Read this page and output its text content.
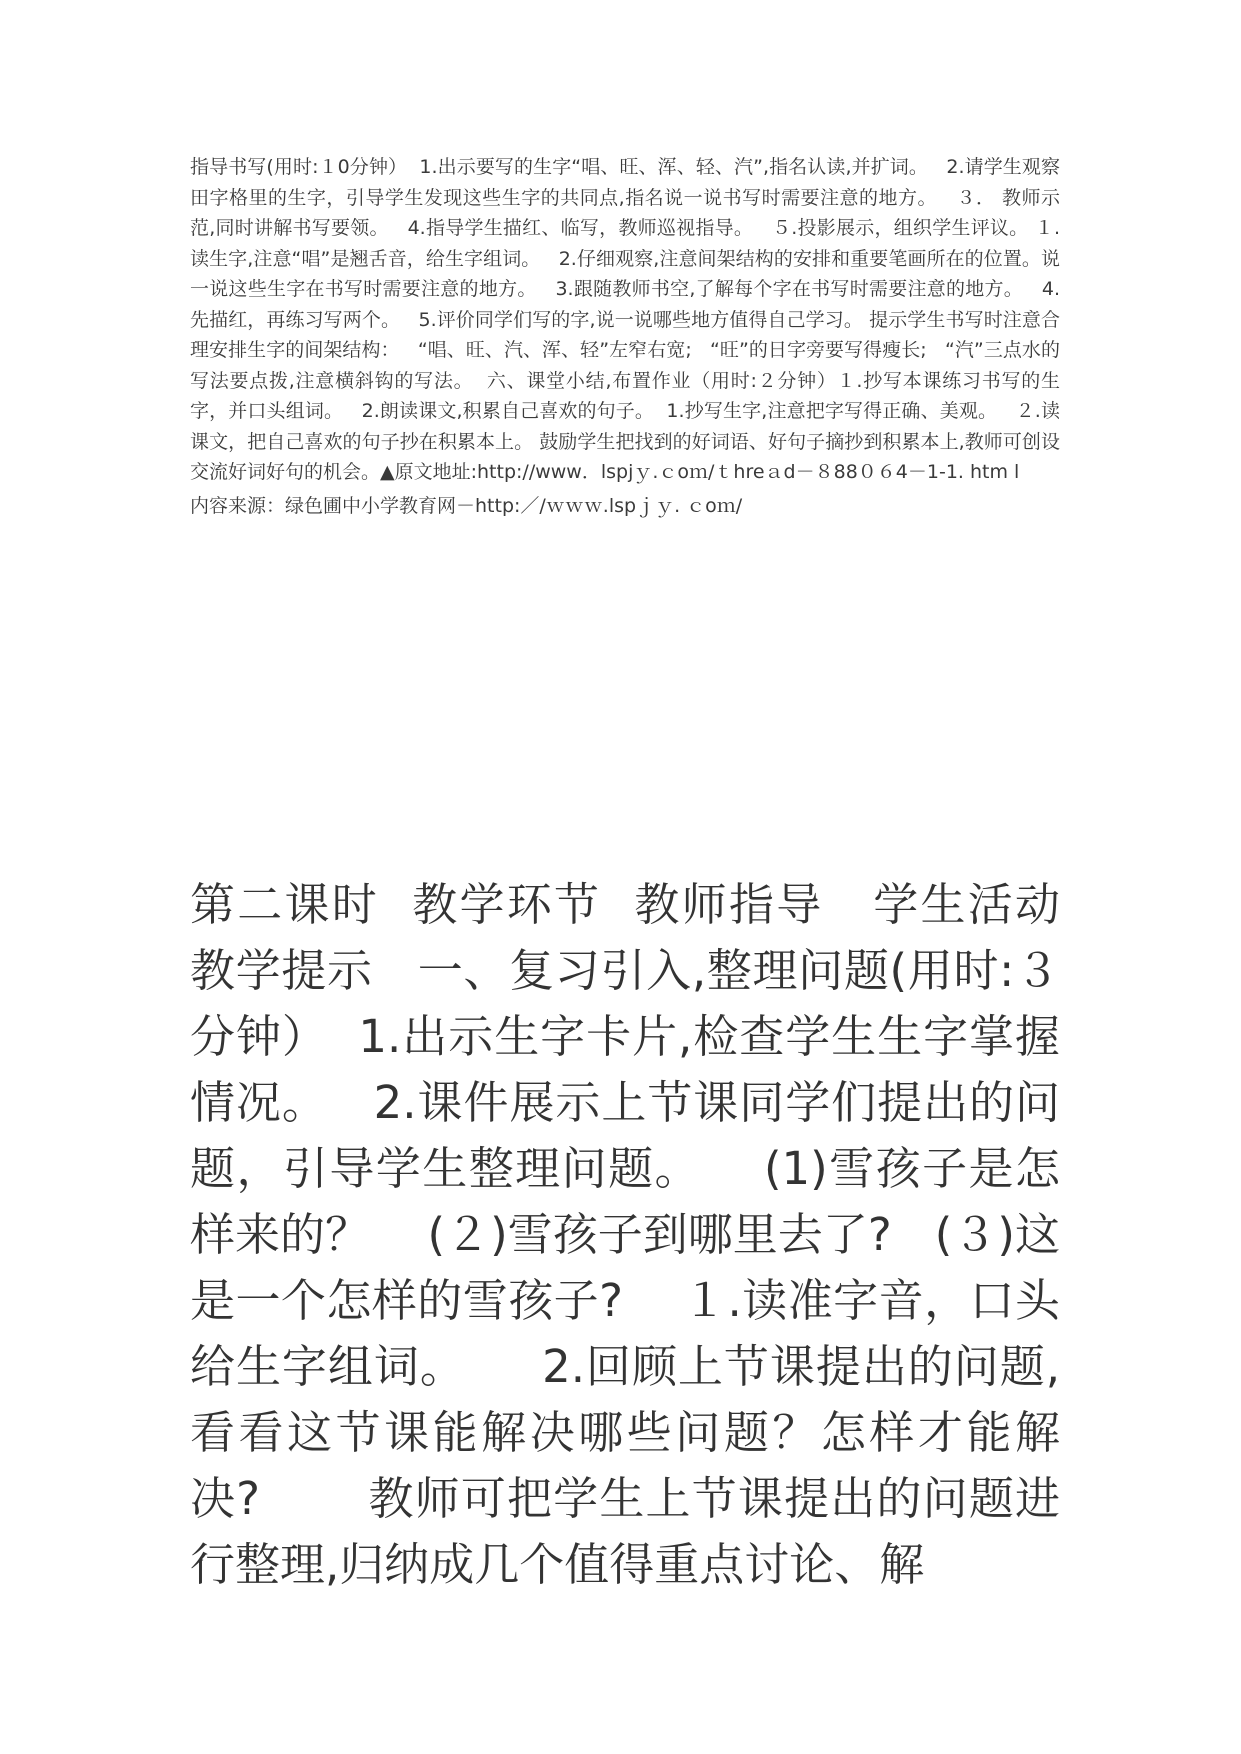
指导书写(用时:１0分钟）  1.出示要写的生字“唱、旺、浑、轻、汽”,指名认读,并扩词。   2.请学生观察田字格里的生字，引导学生发现这些生字的共同点,指名说一说书写时需要注意的地方。   ３． 教师示范,同时讲解书写要领。   4.指导学生描红、临写，教师巡视指导。   ５.投影展示，组织学生评议。 １.读生字,注意“唱”是翘舌音，给生字组词。   2.仔细观察,注意间架结构的安排和重要笔画所在的位置。说一说这些生字在书写时需要注意的地方。   3.跟随教师书空,了解每个字在书写时需要注意的地方。   4.先描红，再练习写两个。   5.评价同学们写的字,说一说哪些地方值得自己学习。 提示学生书写时注意合理安排生字的间架结构：   “唱、旺、汽、浑、轻”左窄右宽;   “旺”的日字旁要写得瘦长;   “汽”三点水的写法要点拨,注意横斜钩的写法。  六、课堂小结,布置作业（用时:２分钟）１.抄写本课练习书写的生字，并口头组词。   2.朗读课文,积累自己喜欢的句子。  1.抄写生字,注意把字写得正确、美观。   ２.读课文，把自己喜欢的句子抄在积累本上。 鼓励学生把找到的好词语、好句子摘抄到积累本上,教师可创设交流好词好句的机会。▲原文地址:http://www．lspjｙ.ｃoｍ/ｔhreａd－８88０６4－1-1. htm l

内容来源：绿色圃中小学教育网－http:／/ｗｗｗ.lspｊｙ. ｃoｍ/

第二课时  教学环节  教师指导   学生活动  教学提示   一、复习引入,整理问题(用时:３分钟）  1.出示生字卡片,检查学生生字掌握情况。   2.课件展示上节课同学们提出的问题，引导学生整理问题。    (1)雪孩子是怎样来的？    (２)雪孩子到哪里去了?   (３)这是一个怎样的雪孩子?    １.读准字音，口头给生字组词。     2.回顾上节课提出的问题,看看这节课能解决哪些问题？怎样才能解决?       教师可把学生上节课提出的问题进行整理,归纳成几个值得重点讨论、解
